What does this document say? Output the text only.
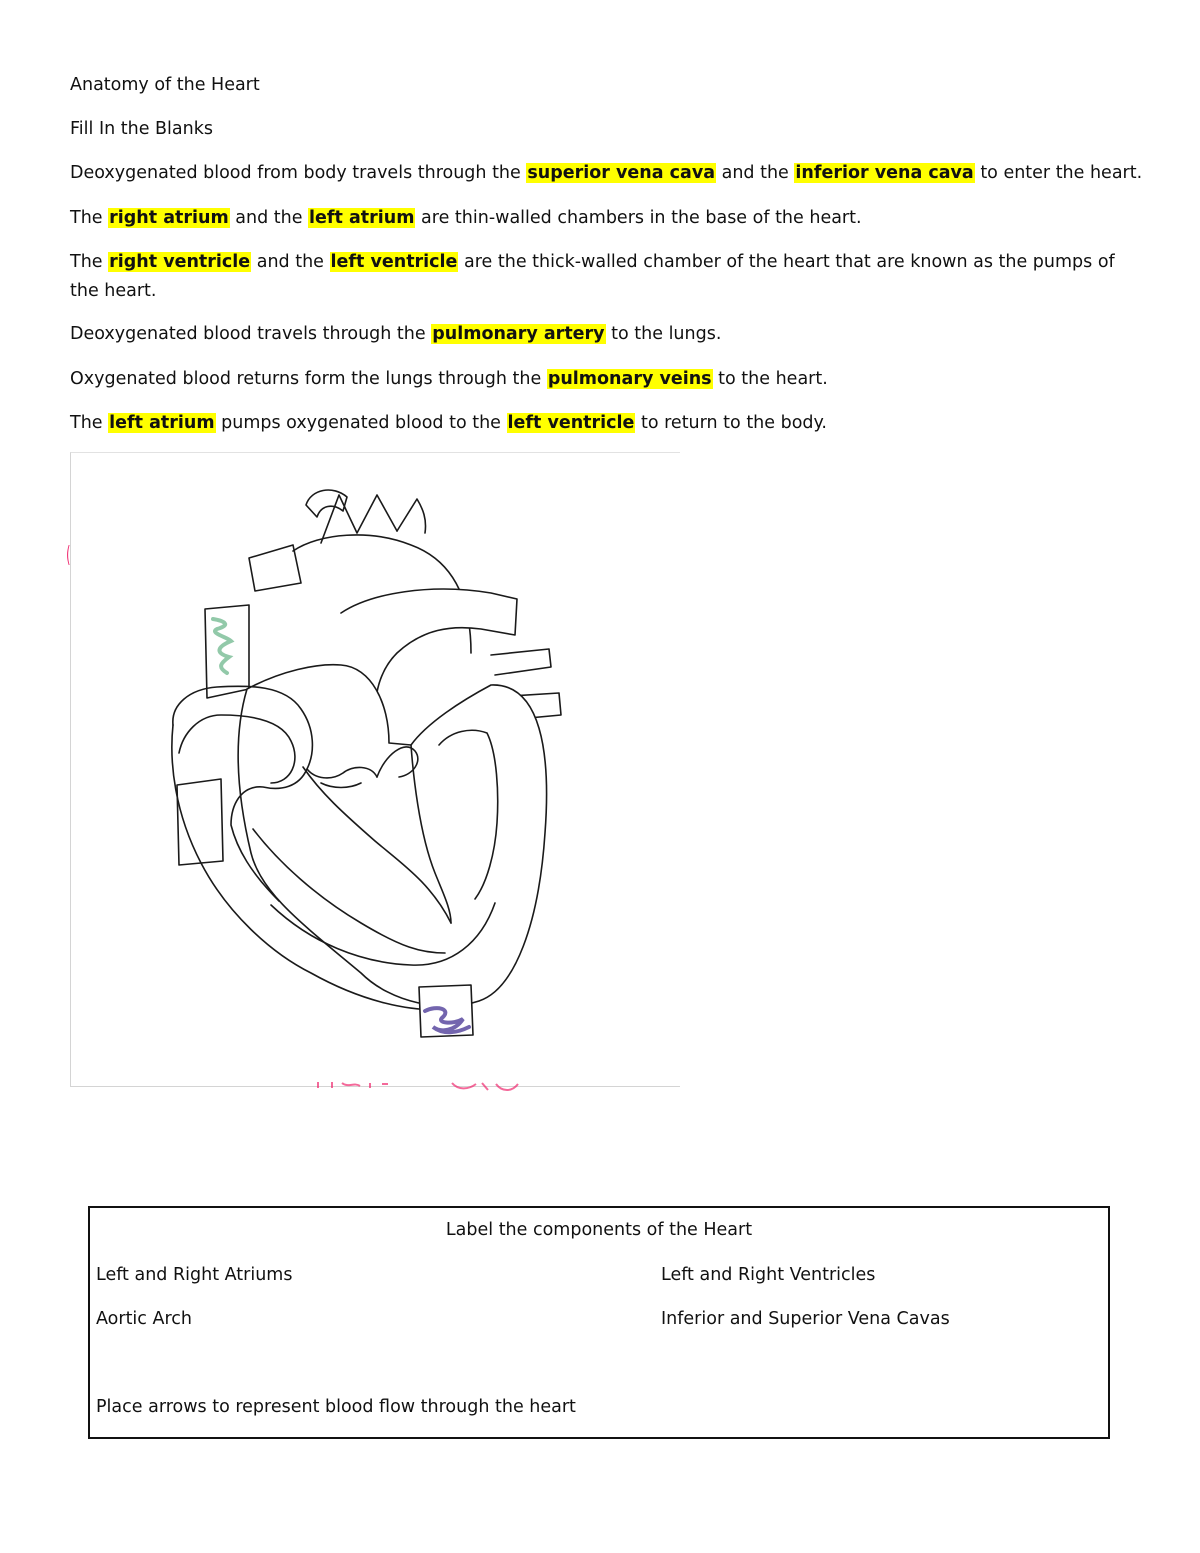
Anatomy of the Heart
Fill In the Blanks
Deoxygenated blood from body travels through the superior vena cava and the inferior vena cava to enter the heart.
The right atrium and the left atrium are thin-walled chambers in the base of the heart.
The right ventricle and the left ventricle are the thick-walled chamber of the heart that are known as the pumps of the heart.
Deoxygenated blood travels through the pulmonary artery to the lungs.
Oxygenated blood returns form the lungs through the pulmonary veins to the heart.
The left atrium pumps oxygenated blood to the left ventricle to return to the body.
(
Label the components of the Heart
Left and Right Atriums	Left and Right Ventricles
Aortic Arch	Inferior and Superior Vena Cavas
Place arrows to represent blood flow through the heart
